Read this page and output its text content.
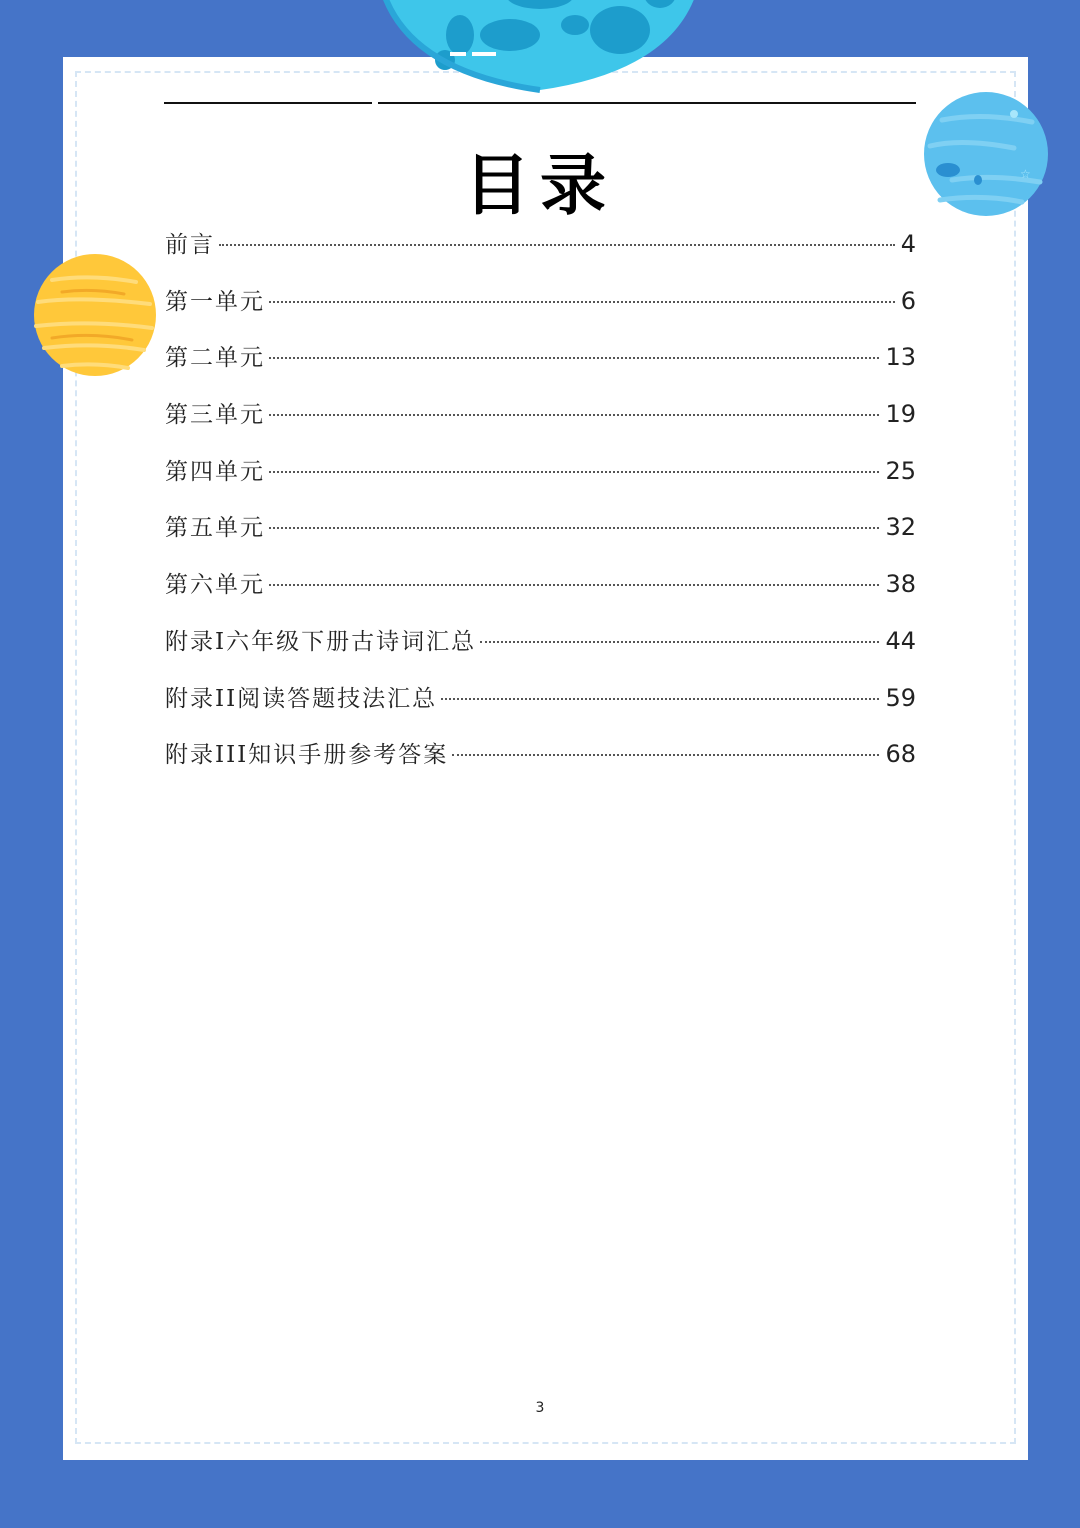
☆
目录
前言	4
第一单元	6
第二单元	13
第三单元	19
第四单元	25
第五单元	32
第六单元	38
附录I六年级下册古诗词汇总	44
附录II阅读答题技法汇总	59
附录III知识手册参考答案	68
3
